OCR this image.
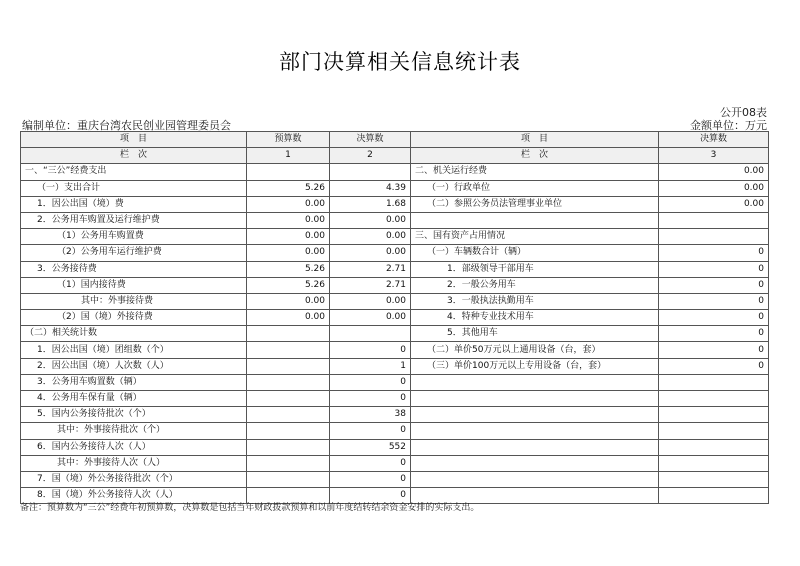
部门决算相关信息统计表
公开08表
编制单位：重庆台湾农民创业园管理委员会	金额单位：万元
项　目	预算数	决算数	项　目	决算数
栏　次	1	2	栏　次	3
一、“三公”经费支出			二、机关运行经费	0.00
（一）支出合计	5.26	4.39	（一）行政单位	0.00
1．因公出国（境）费	0.00	1.68	（二）参照公务员法管理事业单位	0.00
2．公务用车购置及运行维护费	0.00	0.00		
（1）公务用车购置费	0.00	0.00	三、国有资产占用情况	
（2）公务用车运行维护费	0.00	0.00	（一）车辆数合计（辆）	0
3．公务接待费	5.26	2.71	1．部级领导干部用车	0
（1）国内接待费	5.26	2.71	2．一般公务用车	0
其中：外事接待费	0.00	0.00	3．一般执法执勤用车	0
（2）国（境）外接待费	0.00	0.00	4．特种专业技术用车	0
（二）相关统计数			5．其他用车	0
1．因公出国（境）团组数（个）		0	（二）单价50万元以上通用设备（台，套）	0
2．因公出国（境）人次数（人）		1	（三）单价100万元以上专用设备（台，套）	0
3．公务用车购置数（辆）		0		
4．公务用车保有量（辆）		0		
5．国内公务接待批次（个）		38		
其中：外事接待批次（个）		0		
6．国内公务接待人次（人）		552		
其中：外事接待人次（人）		0		
7．国（境）外公务接待批次（个）		0		
8．国（境）外公务接待人次（人）		0		
备注：预算数为“三公”经费年初预算数，决算数是包括当年财政拨款预算和以前年度结转结余资金安排的实际支出。
